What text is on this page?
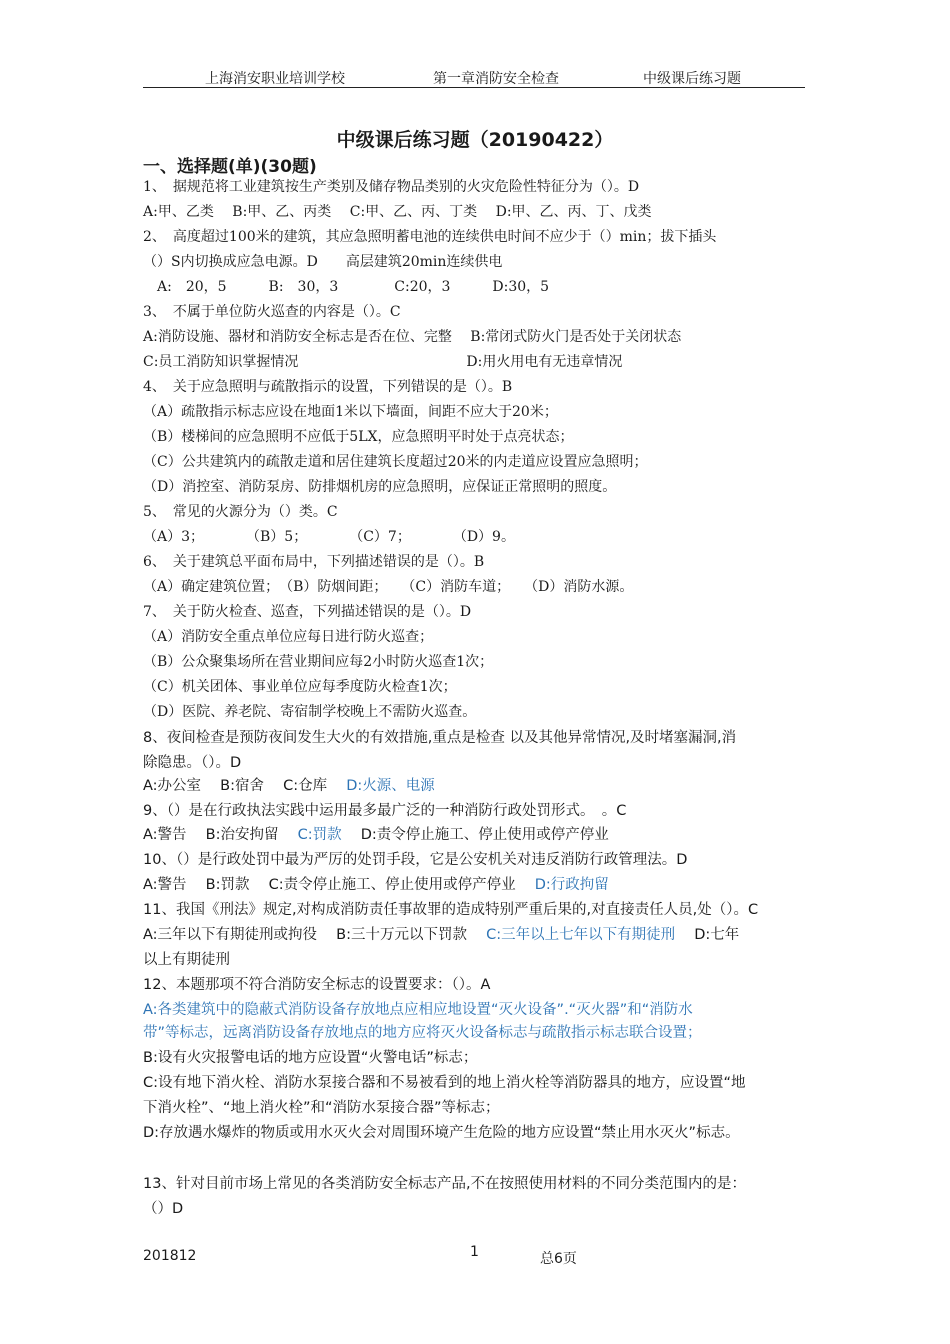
上海消安职业培训学校	第一章消防安全检查	中级课后练习题
中级课后练习题（20190422）
一、选择题(单)(30题)
1、　据规范将工业建筑按生产类别及储存物品类别的火灾危险性特征分为（）。D
A:甲、乙类　 B:甲、乙、丙类　 C:甲、乙、丙、丁类　 D:甲、乙、丙、丁、戊类
2、　高度超过100米的建筑，其应急照明蓄电池的连续供电时间不应少于（）min；拔下插头
（）S内切换成应急电源。D　　高层建筑20min连续供电
　A:　20，5　　　B:　30，3　　　　C:20，3　　　D:30，5
3、　不属于单位防火巡查的内容是（）。C
A:消防设施、器材和消防安全标志是否在位、完整　 B:常闭式防火门是否处于关闭状态
C:员工消防知识掌握情况　　　　　　　　　　　　D:用火用电有无违章情况
4、　关于应急照明与疏散指示的设置，下列错误的是（）。B
（A）疏散指示标志应设在地面1米以下墙面，间距不应大于20米；
（B）楼梯间的应急照明不应低于5LX，应急照明平时处于点亮状态；
（C）公共建筑内的疏散走道和居住建筑长度超过20米的内走道应设置应急照明；
（D）消控室、消防泵房、防排烟机房的应急照明，应保证正常照明的照度。
5、　常见的火源分为（）类。C
（A）3；　　　　（B）5；　　　　（C）7；　　　　（D）9。
6、　关于建筑总平面布局中，下列描述错误的是（）。B
（A）确定建筑位置；　（B）防烟间距；　　（C）消防车道；　　（D）消防水源。
7、　关于防火检查、巡查，下列描述错误的是（）。D
（A）消防安全重点单位应每日进行防火巡查；
（B）公众聚集场所在营业期间应每2小时防火巡查1次；
（C）机关团体、事业单位应每季度防火检查1次；
（D）医院、养老院、寄宿制学校晚上不需防火巡查。
8、夜间检查是预防夜间发生大火的有效措施,重点是检查 以及其他异常情况,及时堵塞漏洞,消
除隐患。（）。D
A:办公室　 B:宿舍　 C:仓库　 D:火源、电源
9、（）是在行政执法实践中运用最多最广泛的一种消防行政处罚形式。　。C
A:警告　 B:治安拘留　 C:罚款　 D:责令停止施工、停止使用或停产停业
10、（）是行政处罚中最为严厉的处罚手段，它是公安机关对违反消防行政管理法。D
A:警告　 B:罚款　 C:责令停止施工、停止使用或停产停业　 D:行政拘留
11、我国《刑法》规定,对构成消防责任事故罪的造成特别严重后果的,对直接责任人员,处（）。C
A:三年以下有期徒刑或拘役　 B:三十万元以下罚款　 C:三年以上七年以下有期徒刑　 D:七年
以上有期徒刑
12、本题那项不符合消防安全标志的设置要求：（）。A
A:各类建筑中的隐蔽式消防设备存放地点应相应地设置“灭火设备”.“灭火器”和“消防水
带”等标志，远离消防设备存放地点的地方应将灭火设备标志与疏散指示标志联合设置；
B:设有火灾报警电话的地方应设置“火警电话”标志；
C:设有地下消火栓、消防水泵接合器和不易被看到的地上消火栓等消防器具的地方，应设置“地
下消火栓”、“地上消火栓”和“消防水泵接合器”等标志；
D:存放遇水爆炸的物质或用水灭火会对周围环境产生危险的地方应设置“禁止用水灭火”标志。
13、针对目前市场上常见的各类消防安全标志产品,不在按照使用材料的不同分类范围内的是：
（）D
201812	1	总6页
